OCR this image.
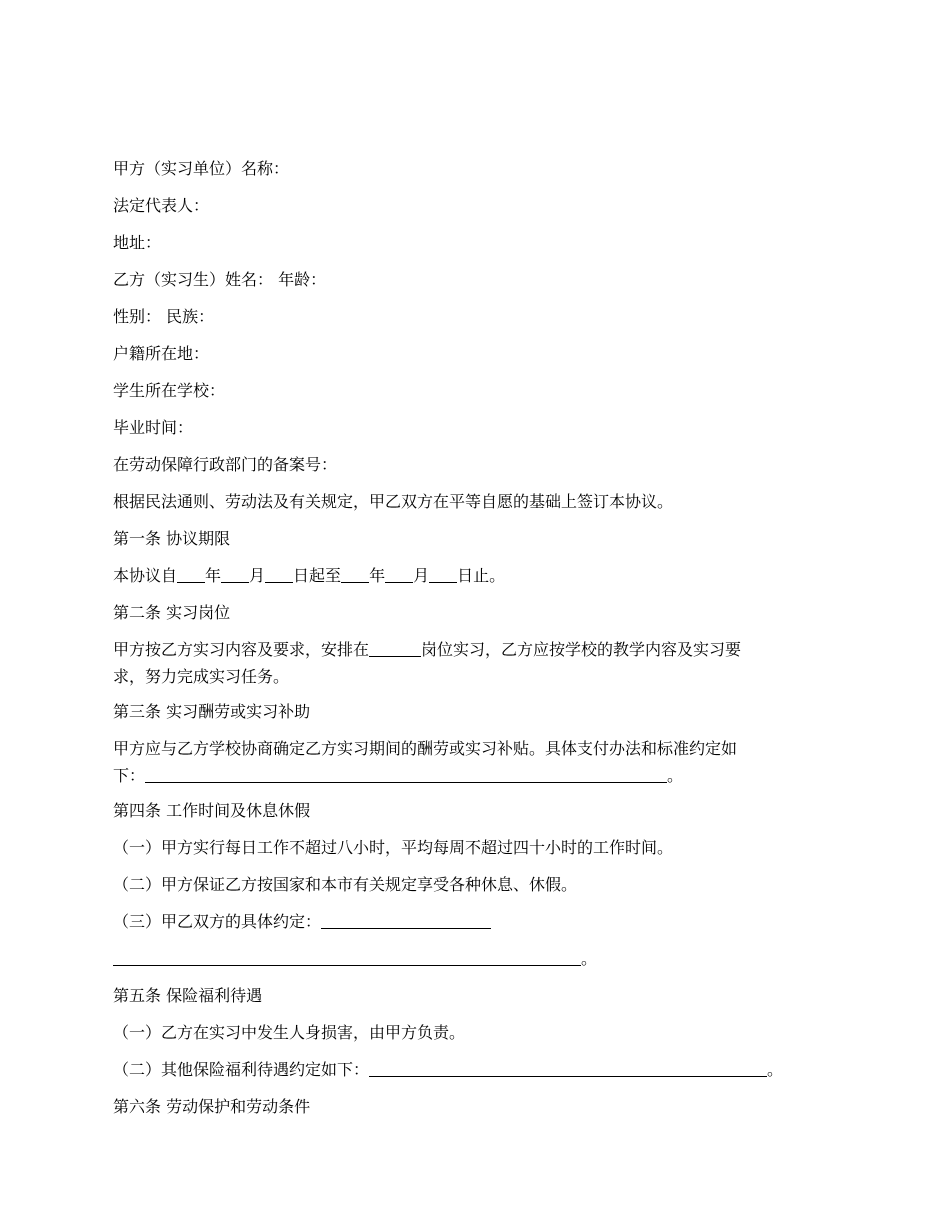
甲方（实习单位）名称：
法定代表人：
地址：
乙方（实习生）姓名： 年龄：
性别： 民族：
户籍所在地：
学生所在学校：
毕业时间：
在劳动保障行政部门的备案号：
根据民法通则、劳动法及有关规定，甲乙双方在平等自愿的基础上签订本协议。
第一条 协议期限
本协议自 年 月 日起至 年 月 日止。
第二条 实习岗位
甲方按乙方实习内容及要求，安排在	岗位实习，乙方应按学校的教学内容及实习要
求，努力完成实习任务。
第三条 实习酬劳或实习补助
甲方应与乙方学校协商确定乙方实习期间的酬劳或实习补贴。具体支付办法和标准约定如
下：	。
第四条 工作时间及休息休假
（一）甲方实行每日工作不超过八小时，平均每周不超过四十小时的工作时间。
（二）甲方保证乙方按国家和本市有关规定享受各种休息、休假。
（三）甲乙双方的具体约定：
。
第五条 保险福利待遇
（一）乙方在实习中发生人身损害，由甲方负责。
（二）其他保险福利待遇约定如下：	。
第六条 劳动保护和劳动条件
